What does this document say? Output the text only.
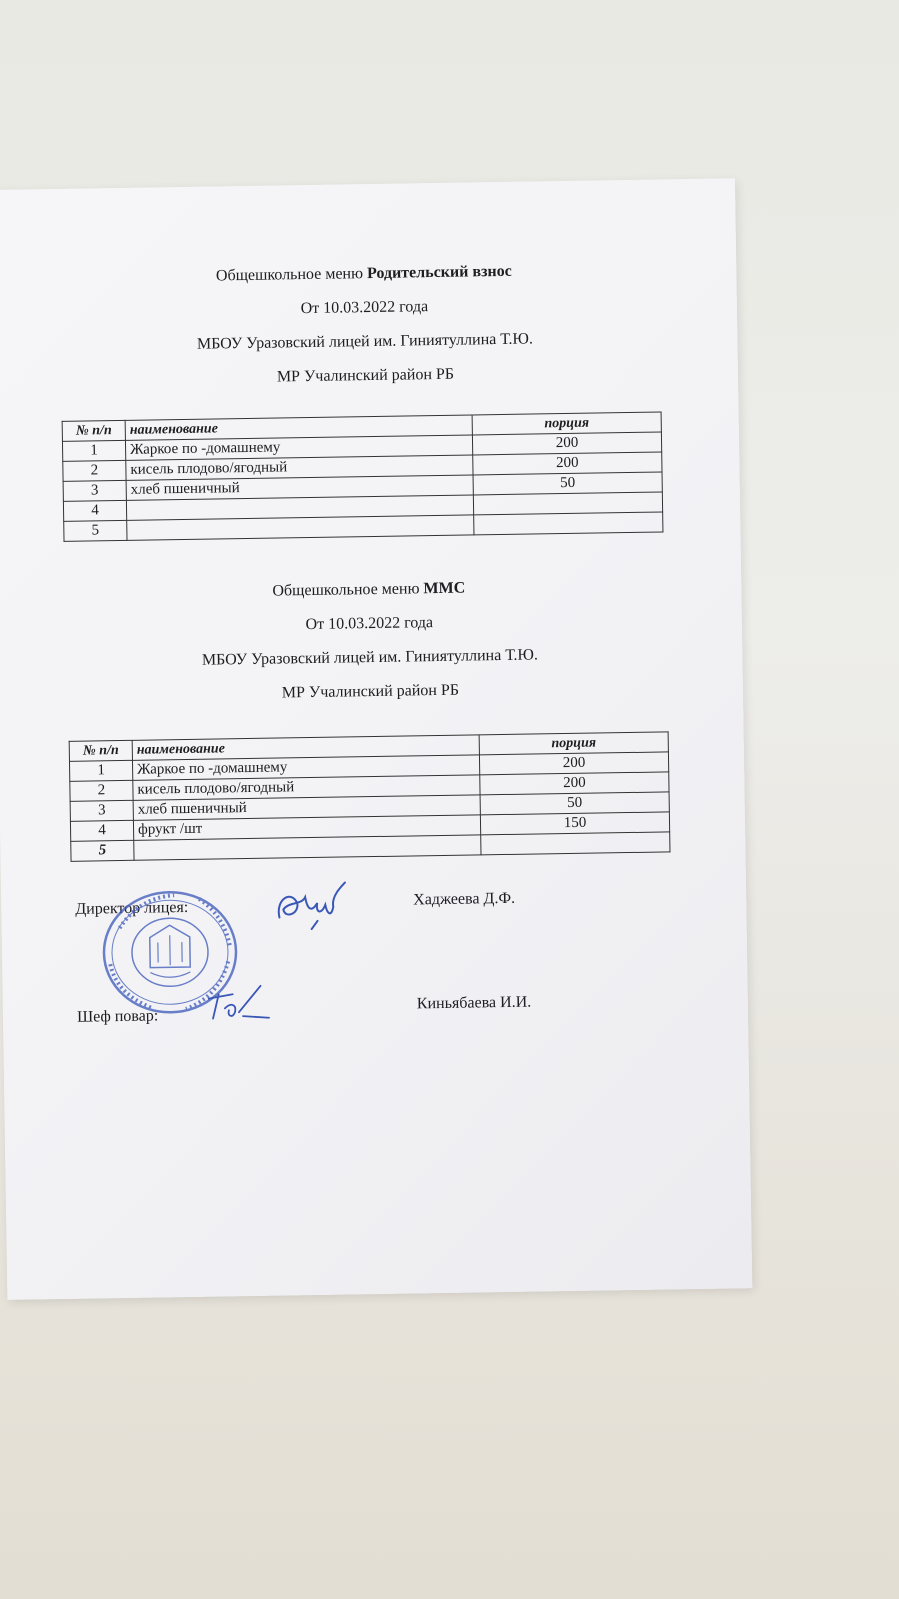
Общешкольное меню Родительский взнос
От 10.03.2022 года
МБОУ Уразовский лицей им. Гиниятуллина Т.Ю.
МР Учалинский район РБ
№ п/п	наименование	порция
1	Жаркое по -домашнему	200
2	кисель плодово/ягодный	200
3	хлеб пшеничный	50
4		
5		
Общешкольное меню ММС
От 10.03.2022 года
МБОУ Уразовский лицей им. Гиниятуллина Т.Ю.
МР Учалинский район РБ
№ п/п	наименование	порция
1	Жаркое по -домашнему	200
2	кисель плодово/ягодный	200
3	хлеб пшеничный	50
4	фрукт /шт	150
5		
Директор лицея:	Хаджеева Д.Ф.
Шеф повар:
Киньябаева И.И.
